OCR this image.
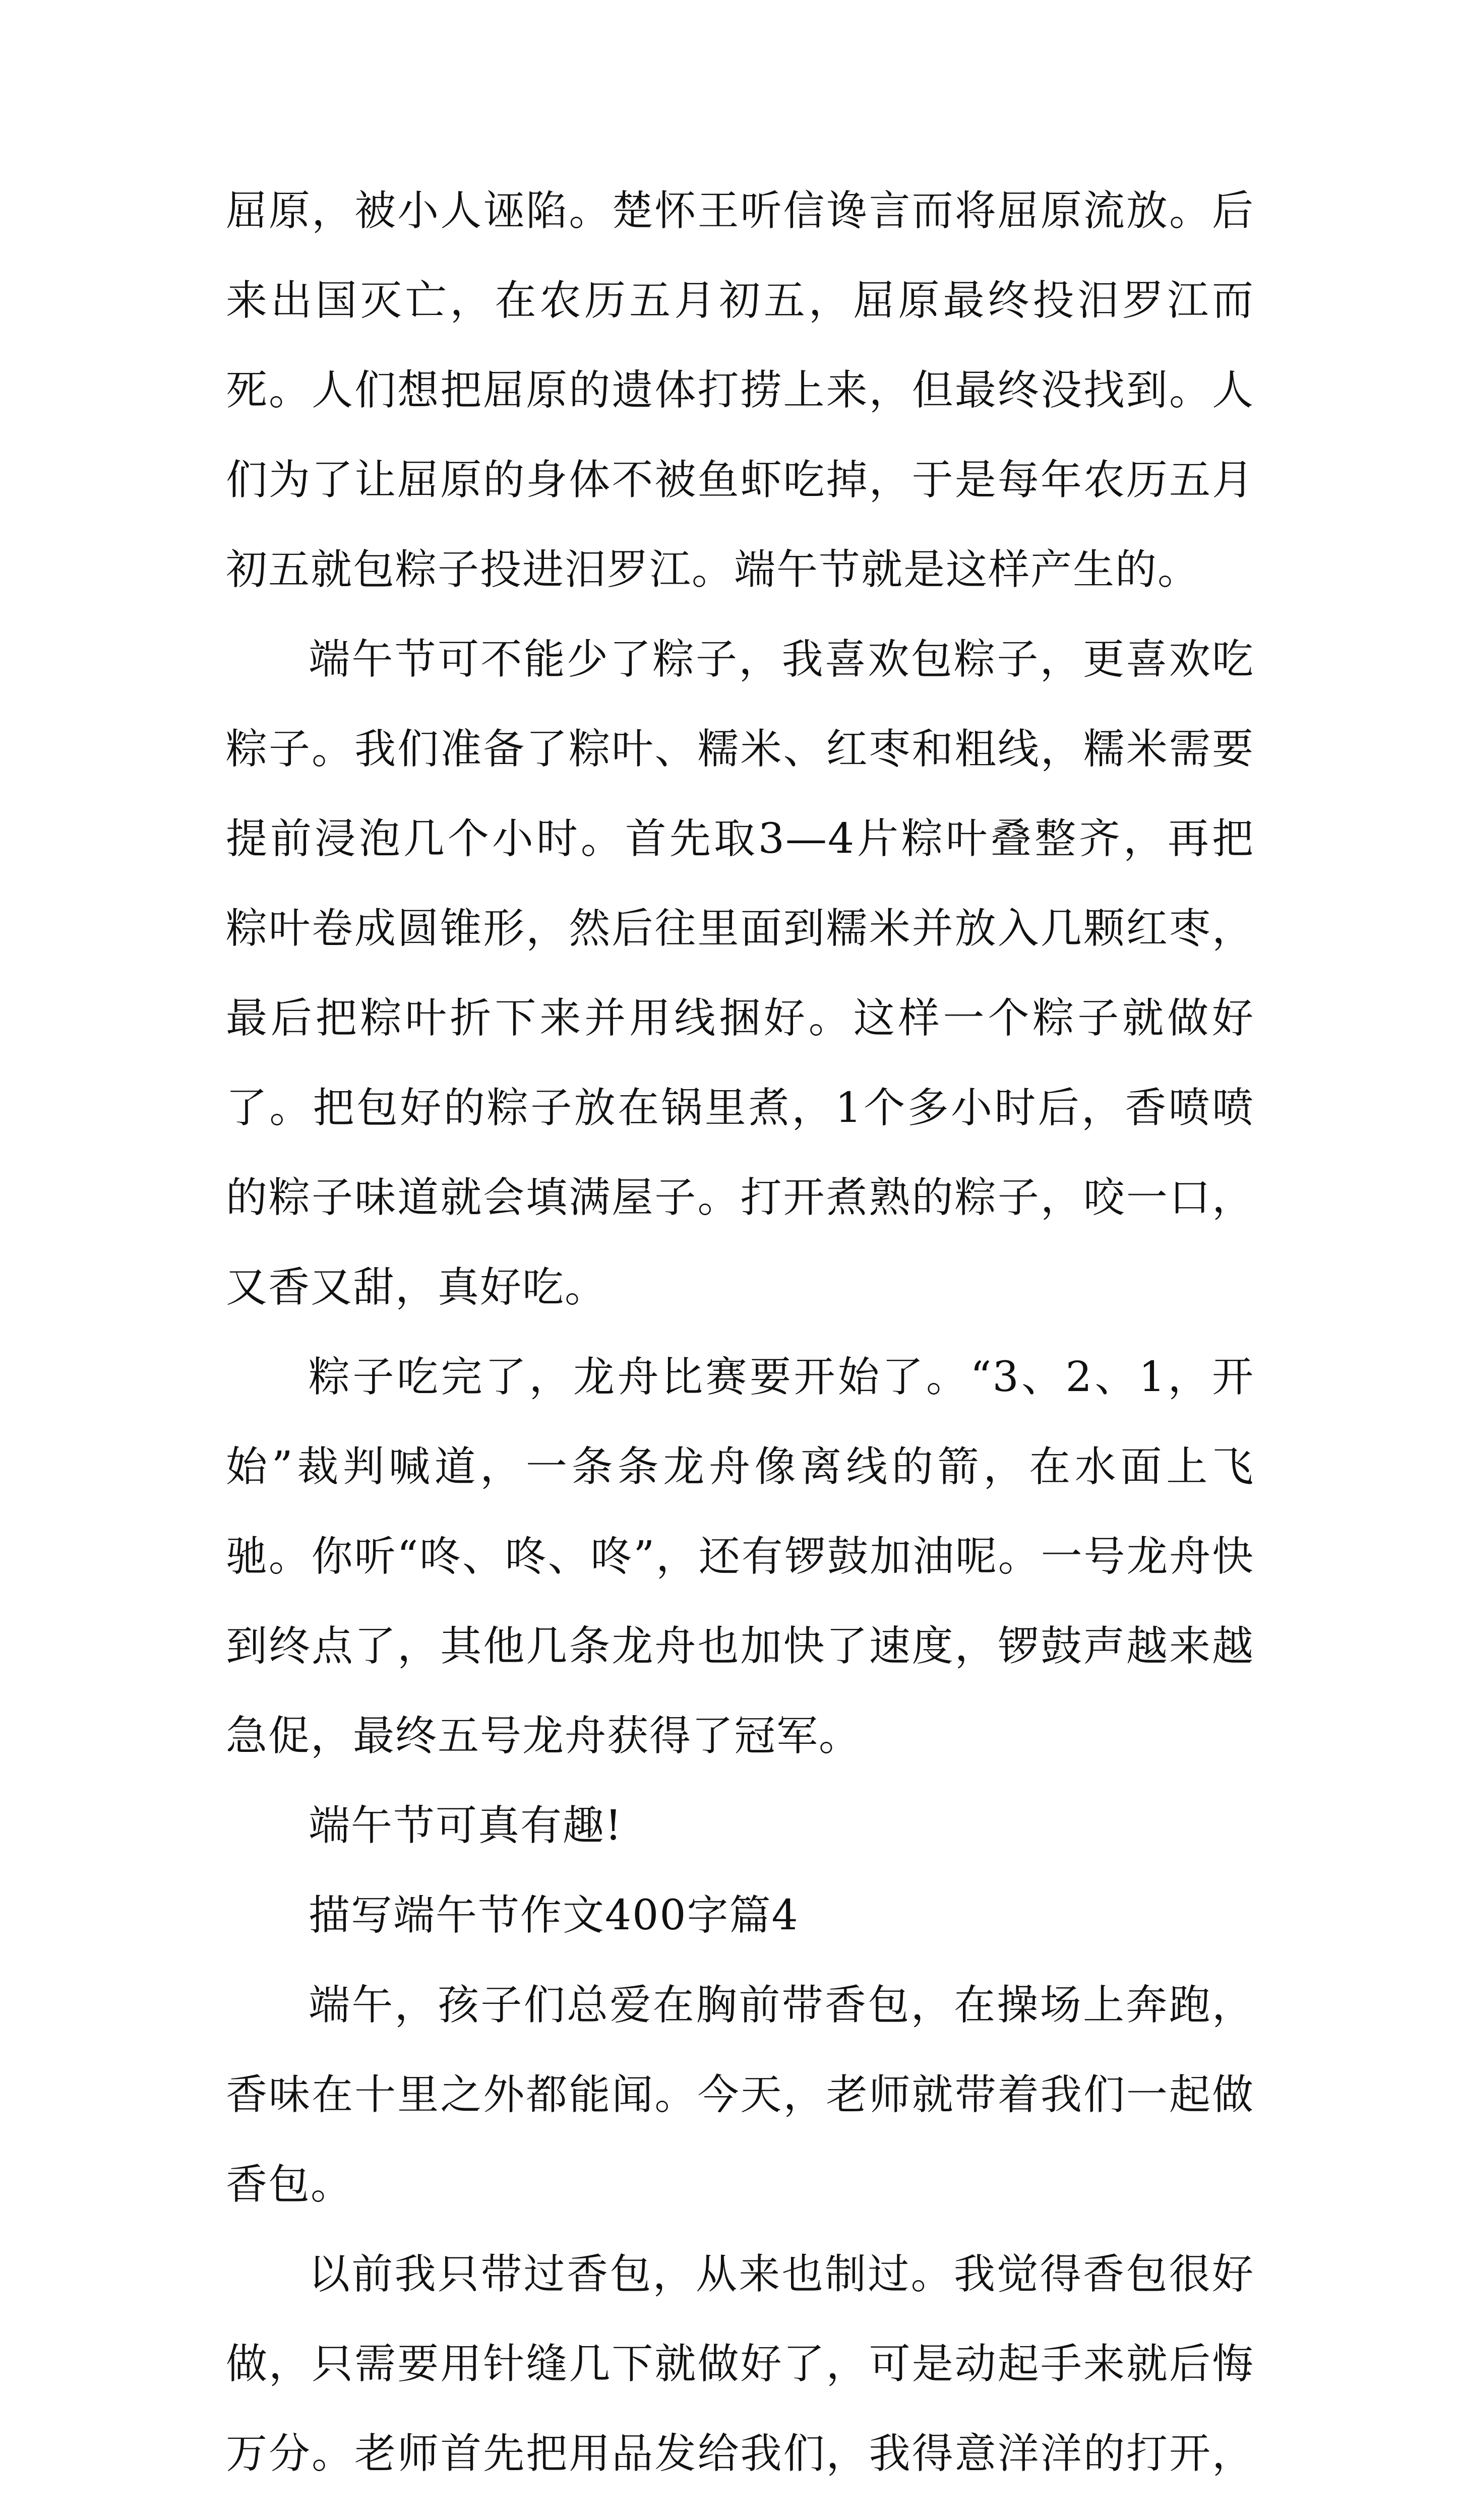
屈原，被小人诬陷。楚怀王听信谗言而将屈原流放。后来出国灭亡，在农历五月初五，屈原最终投汨罗江而死。人们想把屈原的遗体打捞上来，但最终没找到。人们为了让屈原的身体不被鱼虾吃掉，于是每年农历五月初五就包粽子投进汨罗江。端午节就是这样产生的。

端午节可不能少了粽子，我喜欢包粽子，更喜欢吃粽子。我们准备了粽叶、糯米、红枣和粗线，糯米需要提前浸泡几个小时。首先取3—4片粽叶叠整齐，再把粽叶卷成圆锥形，然后往里面到糯米并放入几颗红枣，最后把粽叶折下来并用线捆好。这样一个粽子就做好了。把包好的粽子放在锅里煮，1个多小时后，香喷喷的粽子味道就会填满屋子。打开煮熟的粽子，咬一口，又香又甜，真好吃。

粽子吃完了，龙舟比赛要开始了。“3、2、1，开始”裁判喊道，一条条龙舟像离线的箭，在水面上飞驰。你听“咚、咚、咚”，还有锣鼓加油呢。一号龙舟快到终点了，其他几条龙舟也加快了速度，锣鼓声越来越急促，最终五号龙舟获得了冠军。

端午节可真有趣!

描写端午节作文400字篇4

端午，孩子们总爱在胸前带香包，在操场上奔跑，香味在十里之外都能闻。今天，老师就带着我们一起做香包。

以前我只带过香包，从来也制过。我觉得香包很好做，只需要用针缝几下就做好了，可是动起手来就后悔万分。老师首先把用品发给我们，我得意洋洋的打开，
